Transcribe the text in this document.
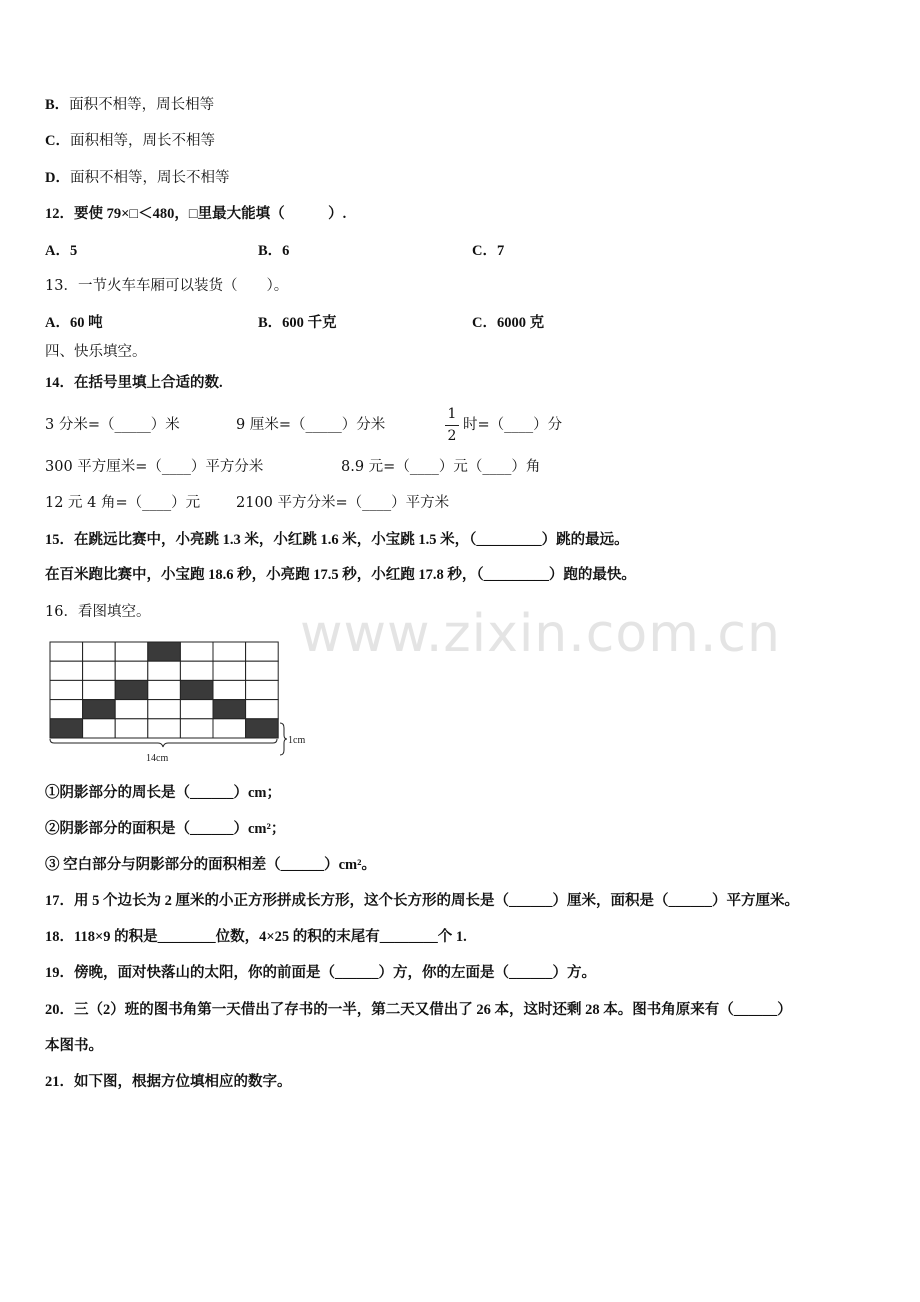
www.zixin.com.cn
B．面积不相等，周长相等
C．面积相等，周长不相等
D．面积不相等，周长不相等
12．要使 79×□＜480，□里最大能填（　　　）.
A．5	B．6	C．7
13．一节火车车厢可以装货（　　）。
A．60 吨	B．600 千克	C．6000 克
四、快乐填空。
14．在括号里填上合适的数.
3 分米=（_____）米	9 厘米=（_____）分米
1
2
时=（____）分
300 平方厘米=（____）平方分米	8.9 元=（____）元（____）角
12 元 4 角=（____）元 2100 平方分米=（____）平方米
15．在跳远比赛中，小亮跳 1.3 米，小红跳 1.6 米，小宝跳 1.5 米，（_________）跳的最远。
在百米跑比赛中，小宝跑 18.6 秒，小亮跑 17.5 秒，小红跑 17.8 秒，（_________）跑的最快。
16．看图填空。
1cm
14cm
①阴影部分的周长是（______）cm；
②阴影部分的面积是（______）cm²；
③ 空白部分与阴影部分的面积相差（______）cm²。
17．用 5 个边长为 2 厘米的小正方形拼成长方形，这个长方形的周长是（______）厘米，面积是（______）平方厘米。
18．118×9 的积是________位数，4×25 的积的末尾有________个 1.
19．傍晚，面对快落山的太阳，你的前面是（______）方，你的左面是（______）方。
20．三（2）班的图书角第一天借出了存书的一半，第二天又借出了 26 本，这时还剩 28 本。图书角原来有（______）
本图书。
21．如下图，根据方位填相应的数字。
